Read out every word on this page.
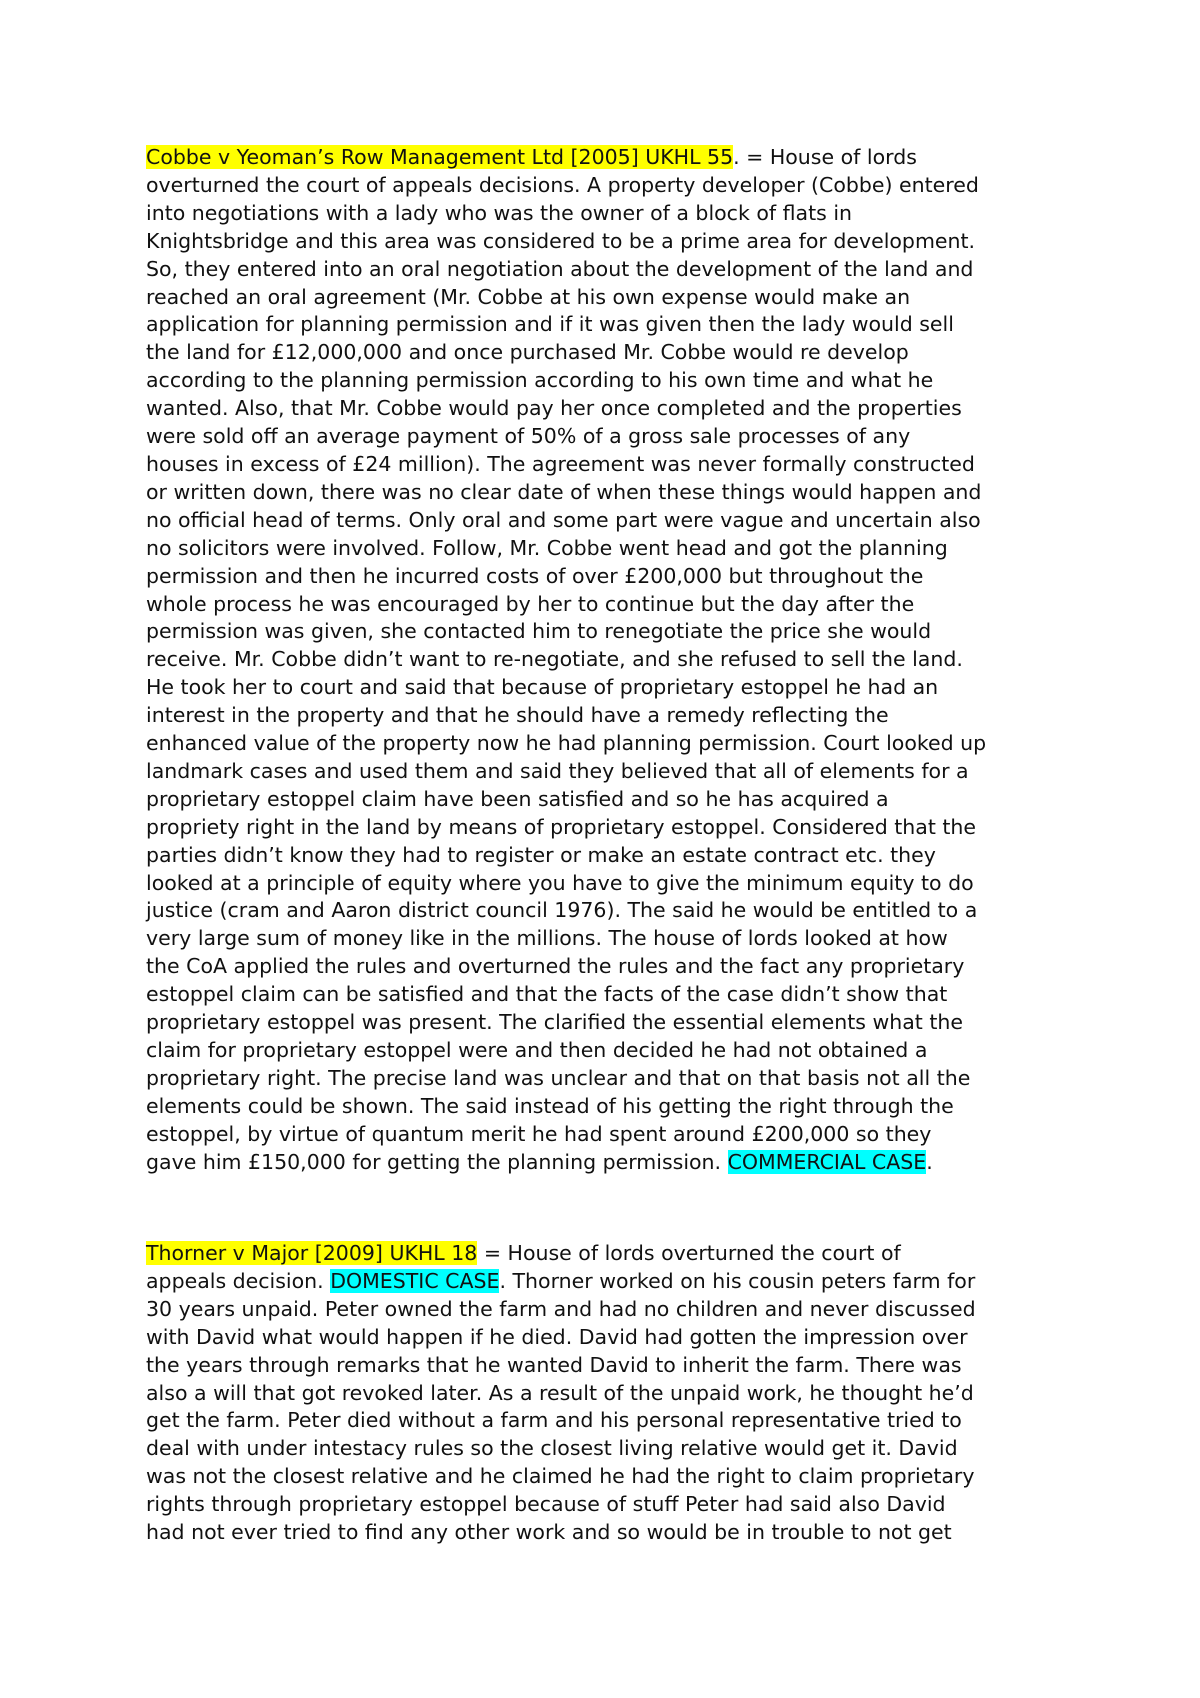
Cobbe v Yeoman’s Row Management Ltd [2005] UKHL 55. = House of lords
overturned the court of appeals decisions. A property developer (Cobbe) entered
into negotiations with a lady who was the owner of a block of flats in
Knightsbridge and this area was considered to be a prime area for development.
So, they entered into an oral negotiation about the development of the land and
reached an oral agreement (Mr. Cobbe at his own expense would make an
application for planning permission and if it was given then the lady would sell
the land for £12,000,000 and once purchased Mr. Cobbe would re develop
according to the planning permission according to his own time and what he
wanted. Also, that Mr. Cobbe would pay her once completed and the properties
were sold off an average payment of 50% of a gross sale processes of any
houses in excess of £24 million). The agreement was never formally constructed
or written down, there was no clear date of when these things would happen and
no official head of terms. Only oral and some part were vague and uncertain also
no solicitors were involved. Follow, Mr. Cobbe went head and got the planning
permission and then he incurred costs of over £200,000 but throughout the
whole process he was encouraged by her to continue but the day after the
permission was given, she contacted him to renegotiate the price she would
receive. Mr. Cobbe didn’t want to re-negotiate, and she refused to sell the land.
He took her to court and said that because of proprietary estoppel he had an
interest in the property and that he should have a remedy reflecting the
enhanced value of the property now he had planning permission. Court looked up
landmark cases and used them and said they believed that all of elements for a
proprietary estoppel claim have been satisfied and so he has acquired a
propriety right in the land by means of proprietary estoppel. Considered that the
parties didn’t know they had to register or make an estate contract etc. they
looked at a principle of equity where you have to give the minimum equity to do
justice (cram and Aaron district council 1976). The said he would be entitled to a
very large sum of money like in the millions. The house of lords looked at how
the CoA applied the rules and overturned the rules and the fact any proprietary
estoppel claim can be satisfied and that the facts of the case didn’t show that
proprietary estoppel was present. The clarified the essential elements what the
claim for proprietary estoppel were and then decided he had not obtained a
proprietary right. The precise land was unclear and that on that basis not all the
elements could be shown. The said instead of his getting the right through the
estoppel, by virtue of quantum merit he had spent around £200,000 so they
gave him £150,000 for getting the planning permission. COMMERCIAL CASE.
Thorner v Major [2009] UKHL 18 = House of lords overturned the court of
appeals decision. DOMESTIC CASE. Thorner worked on his cousin peters farm for
30 years unpaid. Peter owned the farm and had no children and never discussed
with David what would happen if he died. David had gotten the impression over
the years through remarks that he wanted David to inherit the farm. There was
also a will that got revoked later. As a result of the unpaid work, he thought he’d
get the farm. Peter died without a farm and his personal representative tried to
deal with under intestacy rules so the closest living relative would get it. David
was not the closest relative and he claimed he had the right to claim proprietary
rights through proprietary estoppel because of stuff Peter had said also David
had not ever tried to find any other work and so would be in trouble to not get
